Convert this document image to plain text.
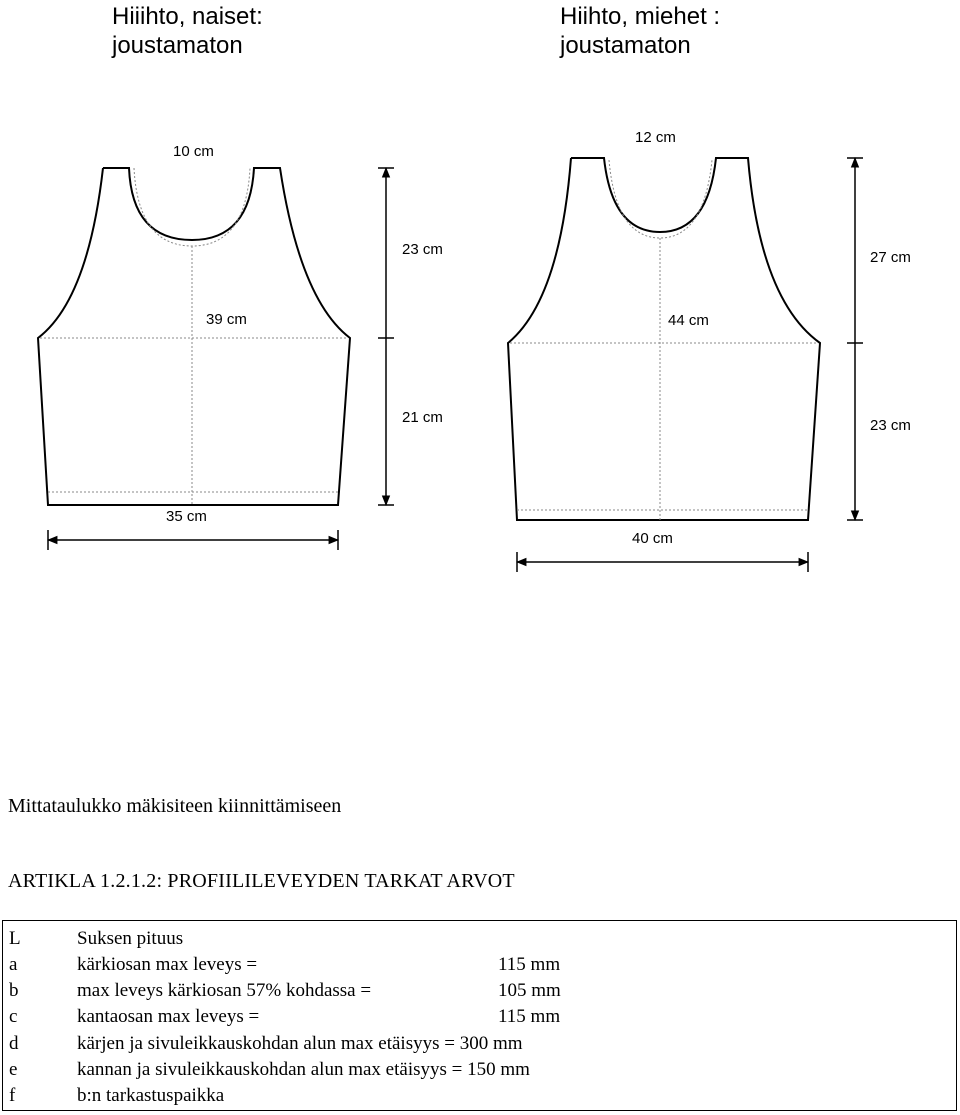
Hiiihto, naiset:
joustamaton
Hiihto, miehet :
joustamaton
10 cm
23 cm
39 cm
21 cm
35 cm
12 cm
27 cm
44 cm
23 cm
40 cm
Mittataulukko mäkisiteen kiinnittämiseen
ARTIKLA 1.2.1.2: PROFIILILEVEYDEN TARKAT ARVOT
L	Suksen pituus
a	kärkiosan max leveys =	115 mm
b	max leveys kärkiosan 57% kohdassa =	105 mm
c	kantaosan max leveys =	115 mm
d	kärjen ja sivuleikkauskohdan alun max etäisyys = 300 mm
e	kannan ja sivuleikkauskohdan alun max etäisyys = 150 mm
f	b:n tarkastuspaikka
